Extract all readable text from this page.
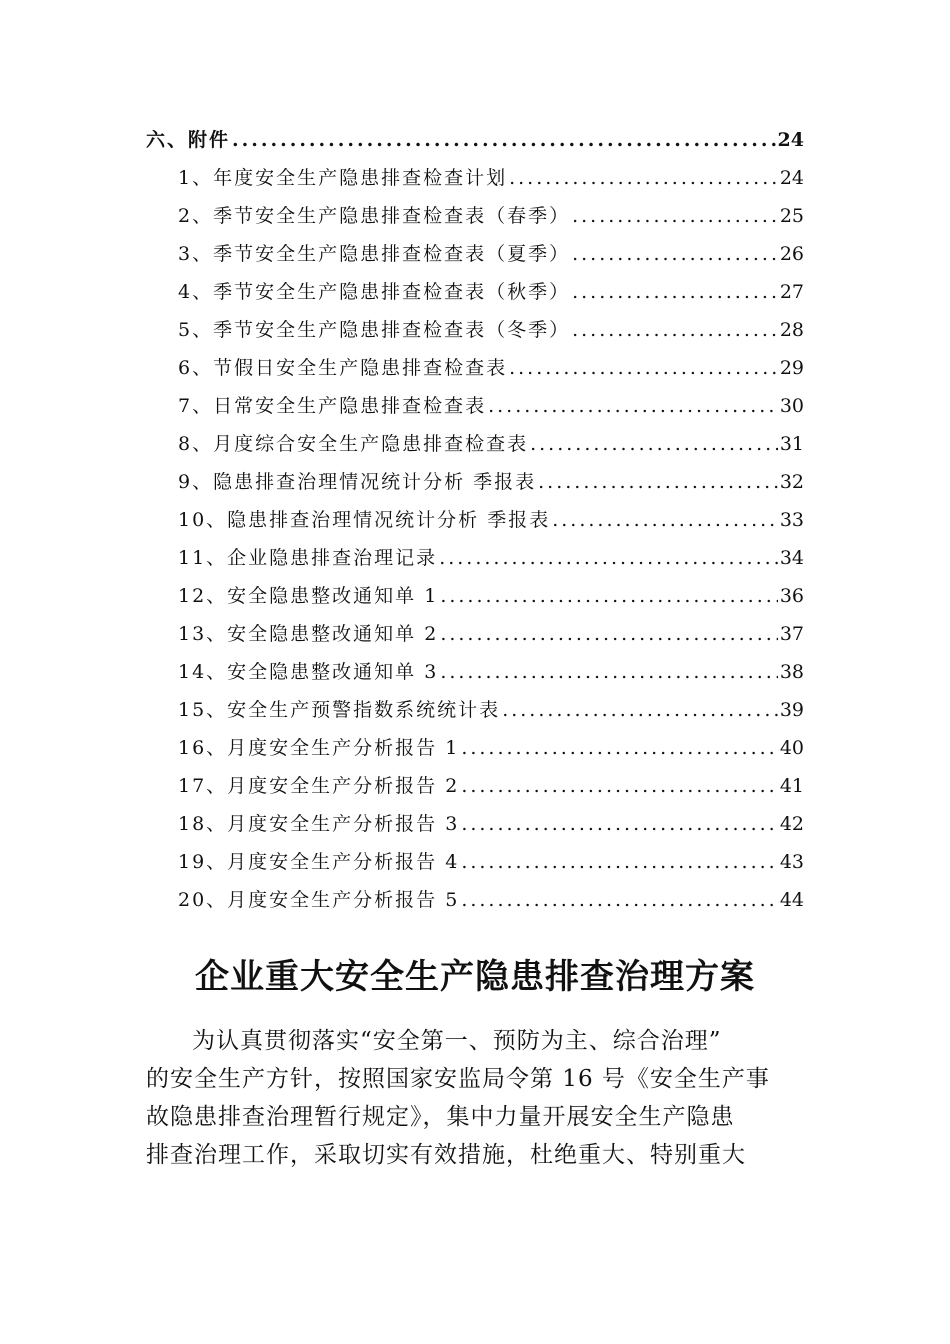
六、附件 .....	24
1、年度安全生产隐患排查检查计划 .....	24
2、季节安全生产隐患排查检查表（春季） .....	25
3、季节安全生产隐患排查检查表（夏季） .....	26
4、季节安全生产隐患排查检查表（秋季） .....	27
5、季节安全生产隐患排查检查表（冬季） .....	28
6、节假日安全生产隐患排查检查表 .....	29
7、日常安全生产隐患排查检查表 .....	30
8、月度综合安全生产隐患排查检查表 .....	31
9、隐患排查治理情况统计分析 季报表 .....	32
10、隐患排查治理情况统计分析 季报表 .....	33
11、企业隐患排查治理记录 .....	34
12、安全隐患整改通知单 1 .....	36
13、安全隐患整改通知单 2 .....	37
14、安全隐患整改通知单 3 .....	38
15、安全生产预警指数系统统计表 .....	39
16、月度安全生产分析报告 1 .....	40
17、月度安全生产分析报告 2 .....	41
18、月度安全生产分析报告 3 .....	42
19、月度安全生产分析报告 4 .....	43
20、月度安全生产分析报告 5 .....	44
企业重大安全生产隐患排查治理方案

为认真贯彻落实“安全第一、预防为主、综合治理”
的安全生产方针，按照国家安监局令第 16 号《安全生产事
故隐患排查治理暂行规定》，集中力量开展安全生产隐患
排查治理工作，采取切实有效措施，杜绝重大、特别重大
